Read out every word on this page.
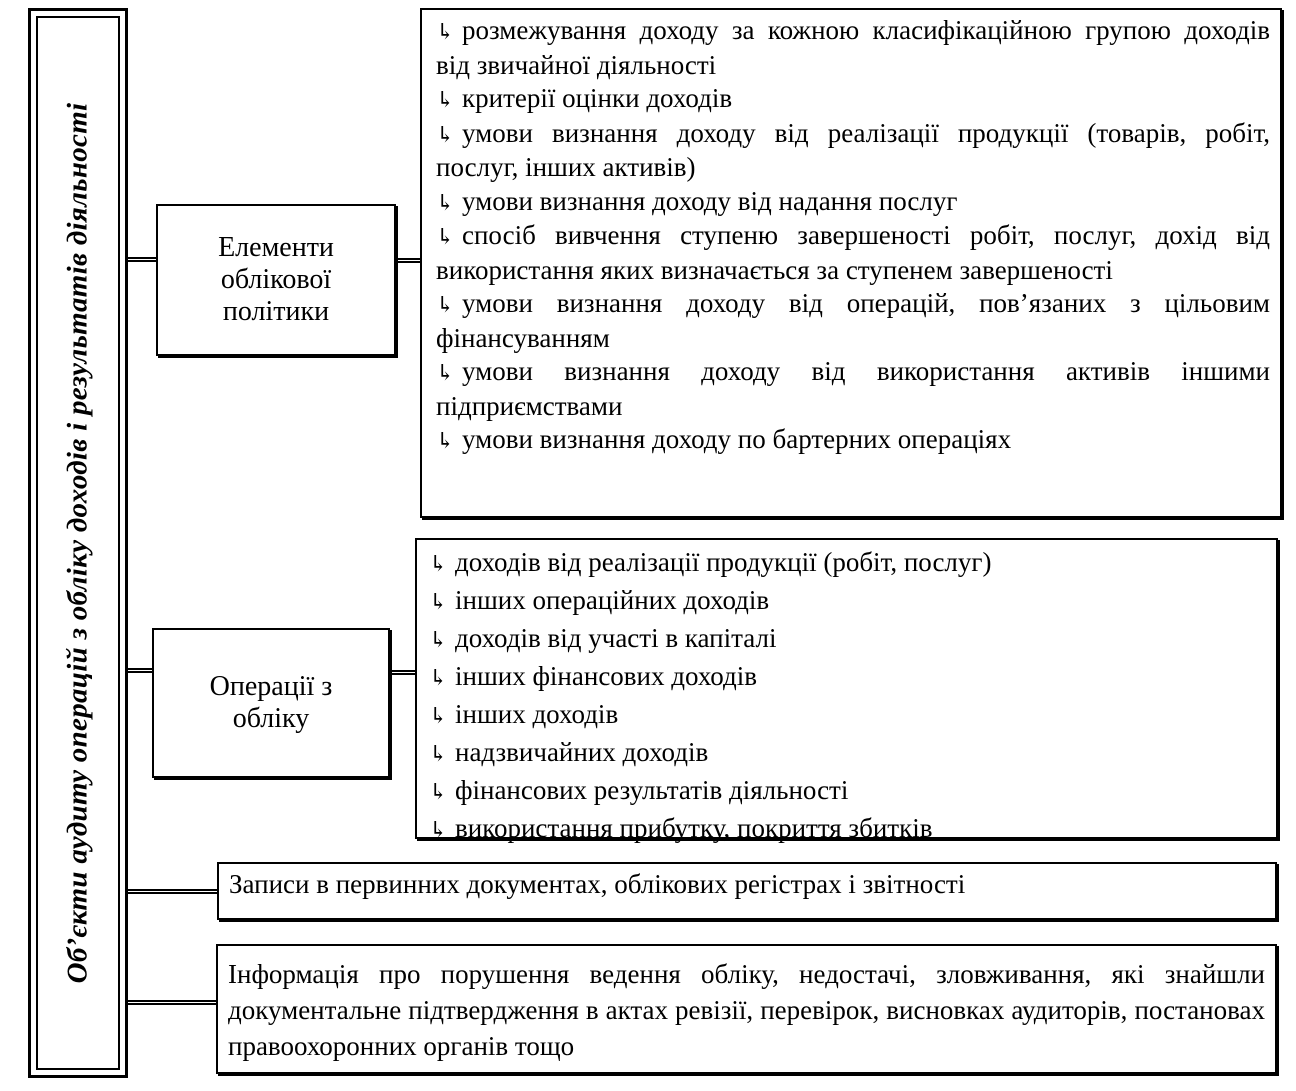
Об’єкти аудиту операцій з обліку доходів і результатів діяльності	Елементи облікової політики
↳ розмежування доходу за кожною класифікаційною групою доходів від звичайної діяльності
↳ критерії оцінки доходів
↳ умови визнання доходу від реалізації продукції (товарів, робіт, послуг, інших активів)
↳ умови визнання доходу від надання послуг
↳ спосіб вивчення ступеню завершеності робіт, послуг, дохід від використання яких визначається за ступенем завершеності
↳ умови визнання доходу від операцій, пов’язаних з цільовим фінансуванням
↳ умови визнання доходу від використання активів іншими підприємствами
↳ умови визнання доходу по бартерних операціях
Операції з обліку
↳ доходів від реалізації продукції (робіт, послуг)
↳ інших операційних доходів
↳ доходів від участі в капіталі
↳ інших фінансових доходів
↳ інших доходів
↳ надзвичайних доходів
↳ фінансових результатів діяльності
↳ використання прибутку, покриття збитків
Записи в первинних документах, облікових регістрах і звітності
Інформація про порушення ведення обліку, недостачі, зловживання, які знайшли документальне підтвердження в актах ревізії, перевірок, висновках аудиторів, постановах правоохоронних органів тощо
